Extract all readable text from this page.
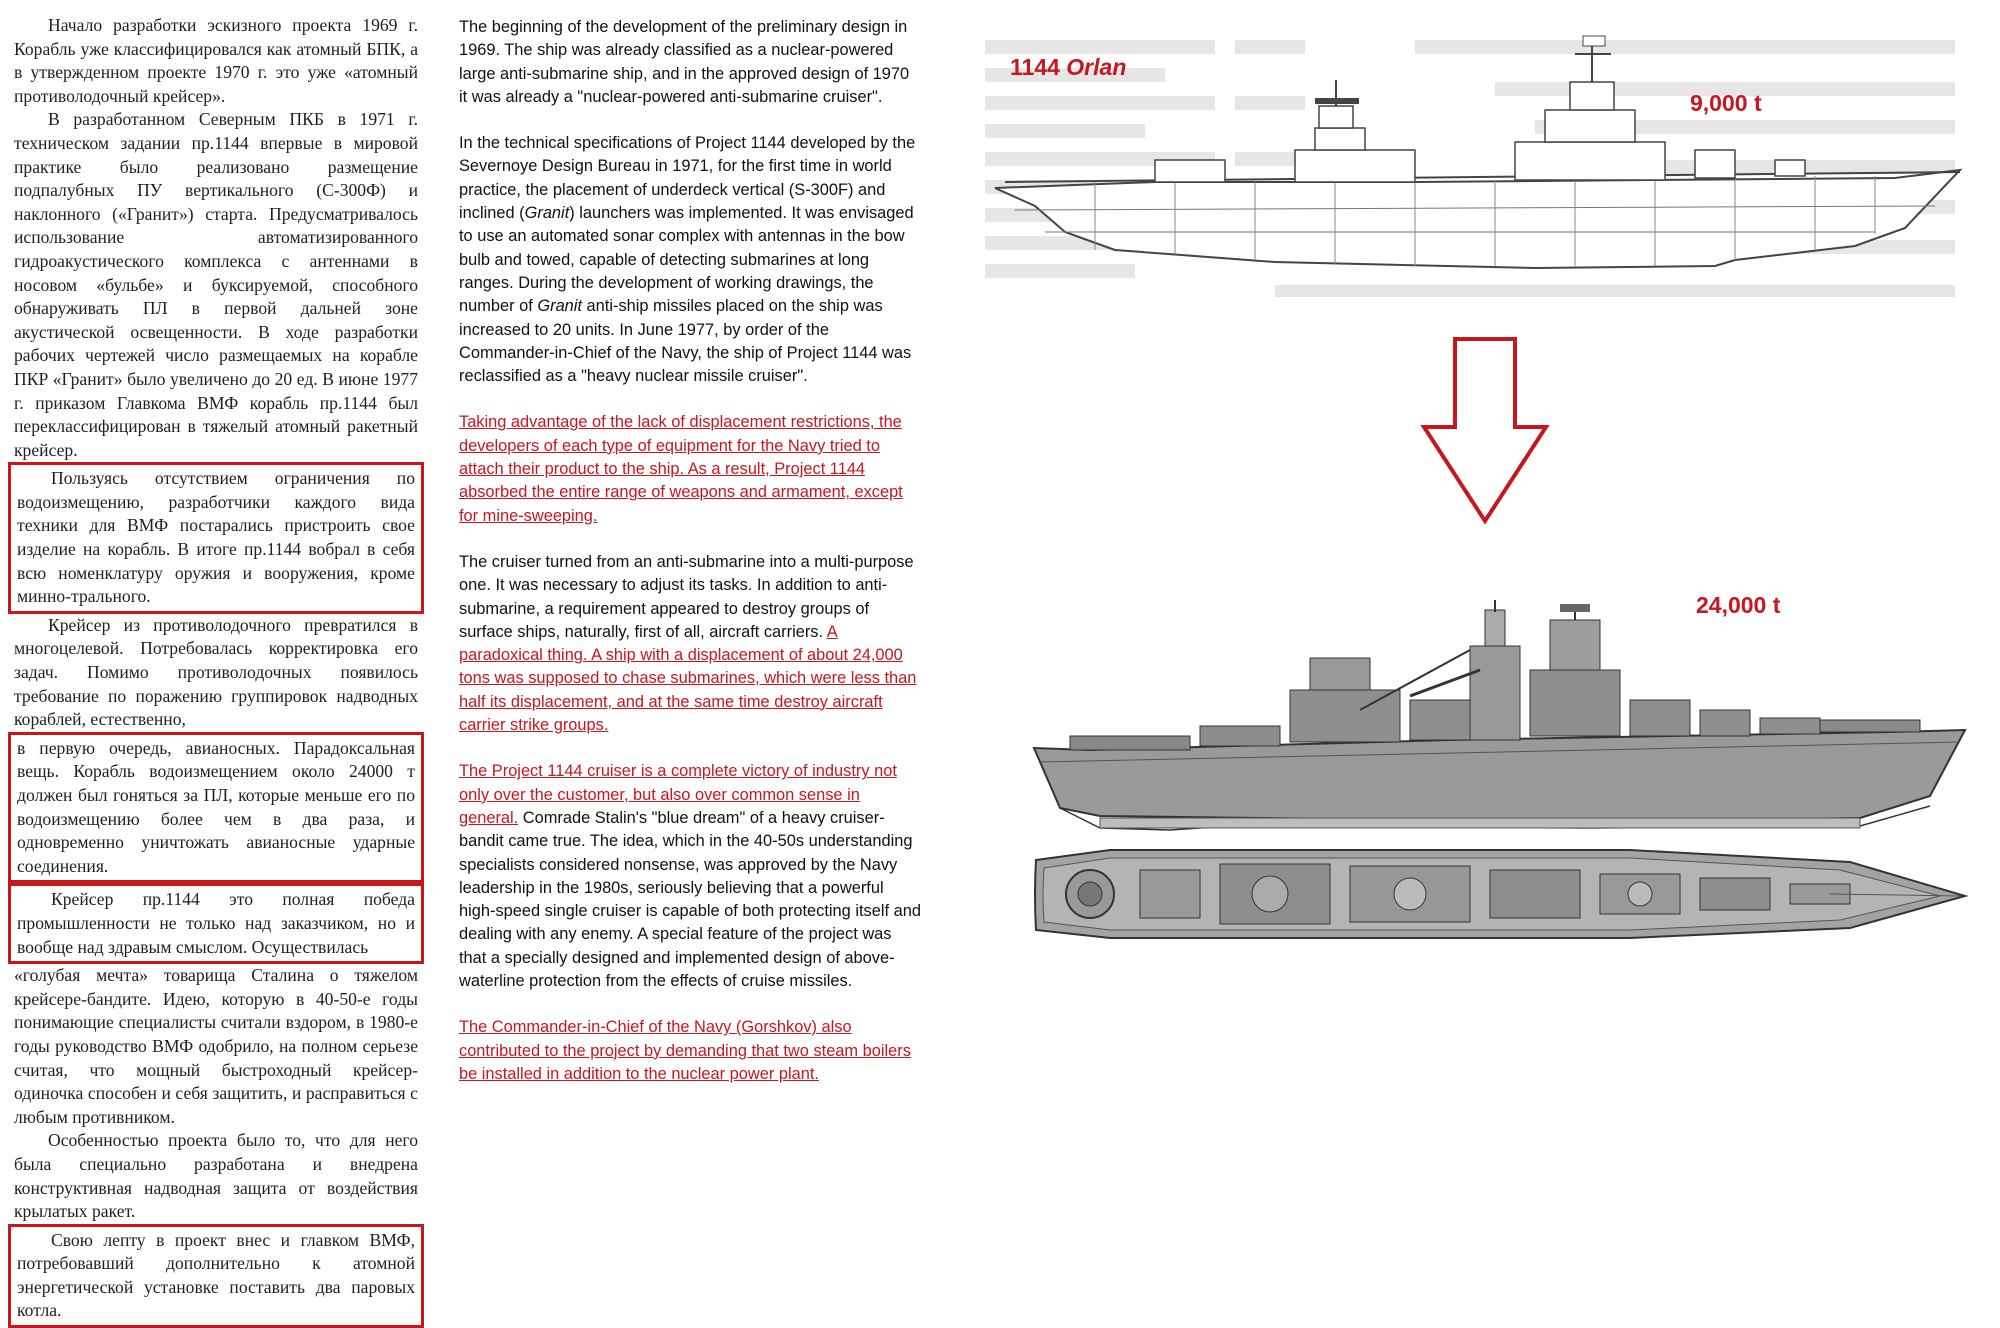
Начало разработки эскизного проекта 1969 г. Корабль уже классифицировался как атомный БПК, а в утвержденном проекте 1970 г. это уже «атомный противолодочный крейсер».

В разработанном Северным ПКБ в 1971 г. техническом задании пр.1144 впервые в мировой практике было реализовано размещение подпалубных ПУ вертикального (С-300Ф) и наклонного («Гранит») старта. Предусматривалось использование автоматизированного гидроакустического комплекса с антеннами в носовом «бульбе» и буксируемой, способного обнаруживать ПЛ в первой дальней зоне акустической освещенности. В ходе разработки рабочих чертежей число размещаемых на корабле ПКР «Гранит» было увеличено до 20 ед. В июне 1977 г. приказом Главкома ВМФ корабль пр.1144 был переклассифицирован в тяжелый атомный ракетный крейсер.

Пользуясь отсутствием ограничения по водоизмещению, разработчики каждого вида техники для ВМФ постарались пристроить свое изделие на корабль. В итоге пр.1144 вобрал в себя всю номенклатуру оружия и вооружения, кроме минно-трального.

Крейсер из противолодочного превратился в многоцелевой. Потребовалась корректировка его задач. Помимо противолодочных появилось требование по поражению группировок надводных кораблей, естественно,

в первую очередь, авианосных. Парадоксальная вещь. Корабль водоизмещением около 24000 т должен был гоняться за ПЛ, которые меньше его по водоизмещению более чем в два раза, и одновременно уничтожать авианосные ударные соединения.

Крейсер пр.1144 это полная победа промышленности не только над заказчиком, но и вообще над здравым смыслом. Осуществилась

«голубая мечта» товарища Сталина о тяжелом крейсере-бандите. Идею, которую в 40-50-е годы понимающие специалисты считали вздором, в 1980-е годы руководство ВМФ одобрило, на полном серьезе считая, что мощный быстроходный крейсер-одиночка способен и себя защитить, и расправиться с любым противником.

Особенностью проекта было то, что для него была специально разработана и внедрена конструктивная надводная защита от воздействия крылатых ракет.

Свою лепту в проект внес и главком ВМФ, потребовавший дополнительно к атомной энергетической установке поставить два паровых котла.

The beginning of the development of the preliminary design in 1969. The ship was already classified as a nuclear-powered large anti-submarine ship, and in the approved design of 1970 it was already a "nuclear-powered anti-submarine cruiser".

In the technical specifications of Project 1144 developed by the Severnoye Design Bureau in 1971, for the first time in world practice, the placement of underdeck vertical (S-300F) and inclined (Granit) launchers was implemented. It was envisaged to use an automated sonar complex with antennas in the bow bulb and towed, capable of detecting submarines at long ranges. During the development of working drawings, the number of Granit anti-ship missiles placed on the ship was increased to 20 units. In June 1977, by order of the Commander-in-Chief of the Navy, the ship of Project 1144 was reclassified as a "heavy nuclear missile cruiser".

Taking advantage of the lack of displacement restrictions, the developers of each type of equipment for the Navy tried to attach their product to the ship. As a result, Project 1144 absorbed the entire range of weapons and armament, except for mine-sweeping.

The cruiser turned from an anti-submarine into a multi-purpose one. It was necessary to adjust its tasks. In addition to anti-submarine, a requirement appeared to destroy groups of surface ships, naturally, first of all, aircraft carriers. A paradoxical thing. A ship with a displacement of about 24,000 tons was supposed to chase submarines, which were less than half its displacement, and at the same time destroy aircraft carrier strike groups.

The Project 1144 cruiser is a complete victory of industry not only over the customer, but also over common sense in general. Comrade Stalin's "blue dream" of a heavy cruiser-bandit came true. The idea, which in the 40-50s understanding specialists considered nonsense, was approved by the Navy leadership in the 1980s, seriously believing that a powerful high-speed single cruiser is capable of both protecting itself and dealing with any enemy. A special feature of the project was that a specially designed and implemented design of above-waterline protection from the effects of cruise missiles.

The Commander-in-Chief of the Navy (Gorshkov) also contributed to the project by demanding that two steam boilers be installed in addition to the nuclear power plant.

1144 Orlan
9,000 t
24,000 t
